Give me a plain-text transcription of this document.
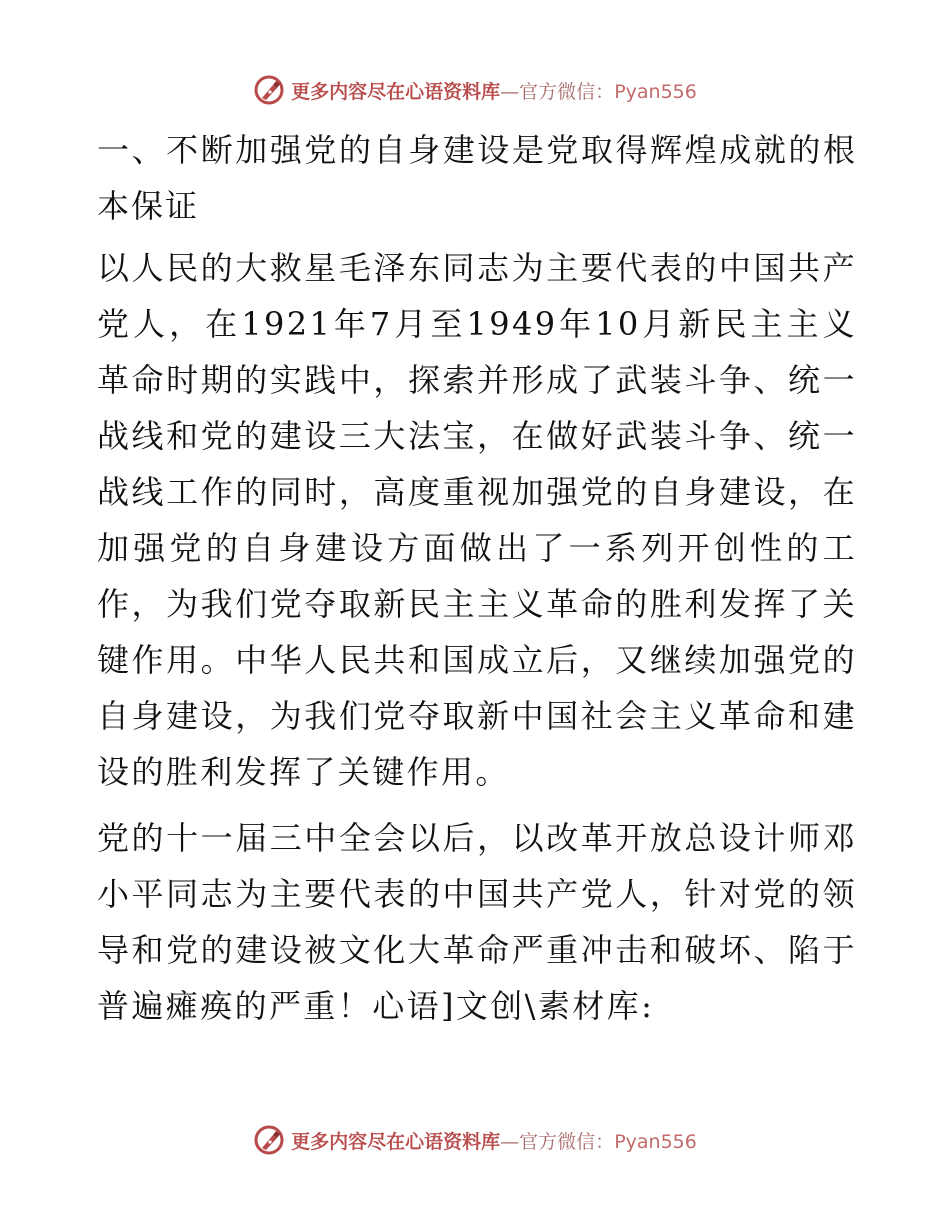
更多内容尽在心语资料库—官方微信：Pyan556
一、不断加强党的自身建设是党取得辉煌成就的根本保证

以人民的大救星毛泽东同志为主要代表的中国共产党人，在1921年7月至1949年10月新民主主义革命时期的实践中，探索并形成了武装斗争、统一战线和党的建设三大法宝，在做好武装斗争、统一战线工作的同时，高度重视加强党的自身建设，在加强党的自身建设方面做出了一系列开创性的工作，为我们党夺取新民主主义革命的胜利发挥了关键作用。中华人民共和国成立后，又继续加强党的自身建设，为我们党夺取新中国社会主义革命和建设的胜利发挥了关键作用。

党的十一届三中全会以后，以改革开放总设计师邓小平同志为主要代表的中国共产党人，针对党的领导和党的建设被文化大革命严重冲击和破坏、陷于普遍瘫痪的严重！心语]文创\素材库:

更多内容尽在心语资料库—官方微信：Pyan556
